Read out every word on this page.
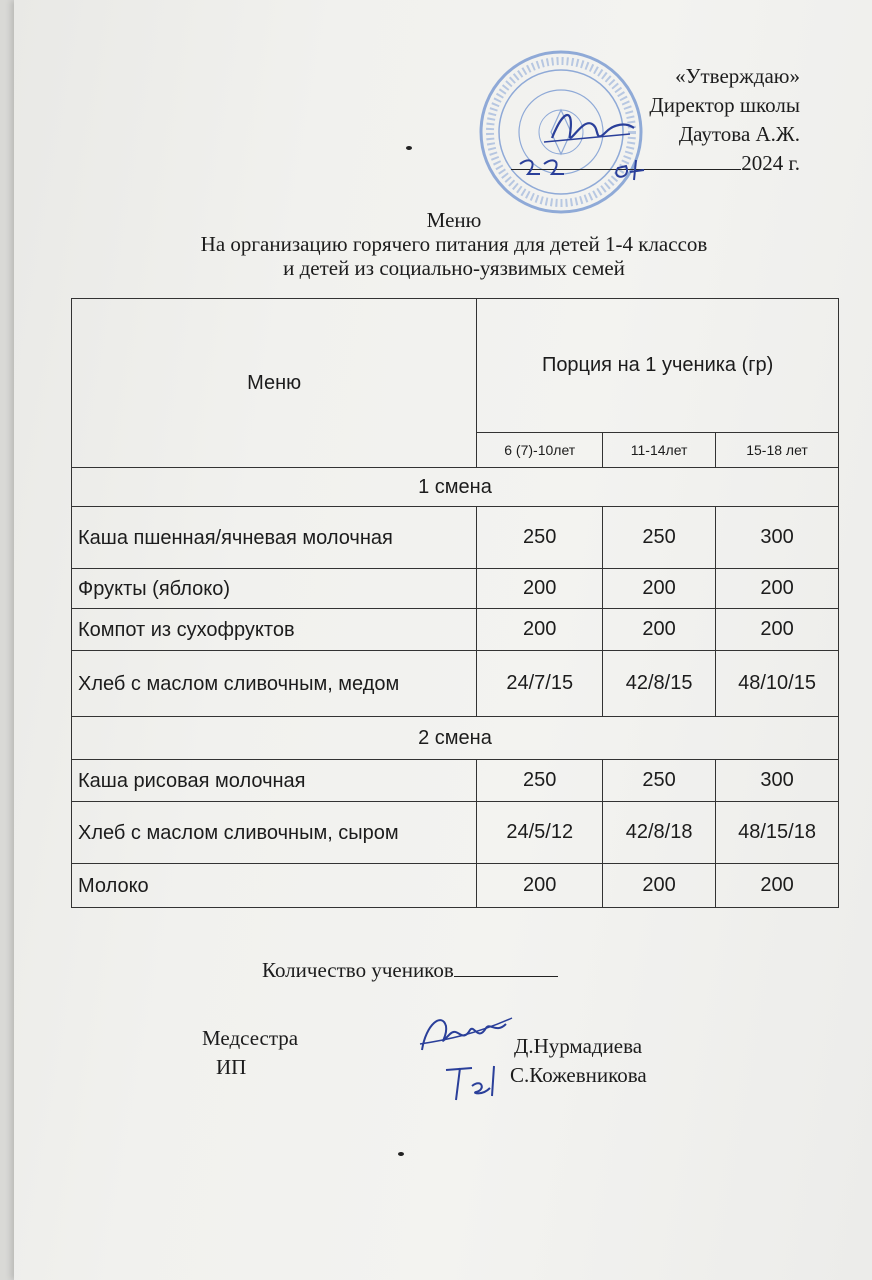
«Утверждаю»
Директор школы
Даутова А.Ж.
2024 г.
Меню
На организацию горячего питания для детей 1-4 классов
и детей из социально-уязвимых семей
Меню	Порция на 1 ученика (гр)		
	6 (7)-10лет	11-14лет	15-18 лет
1 смена			
Каша пшенная/ячневая молочная	250	250	300
Фрукты (яблоко)	200	200	200
Компот из сухофруктов	200	200	200
Хлеб с маслом сливочным, медом	24/7/15	42/8/15	48/10/15
2 смена			
Каша рисовая молочная	250	250	300
Хлеб с маслом сливочным, сыром	24/5/12	42/8/18	48/15/18
Молоко	200	200	200
Количество учеников
Медсестра
ИП
Д.Нурмадиева
С.Кожевникова
